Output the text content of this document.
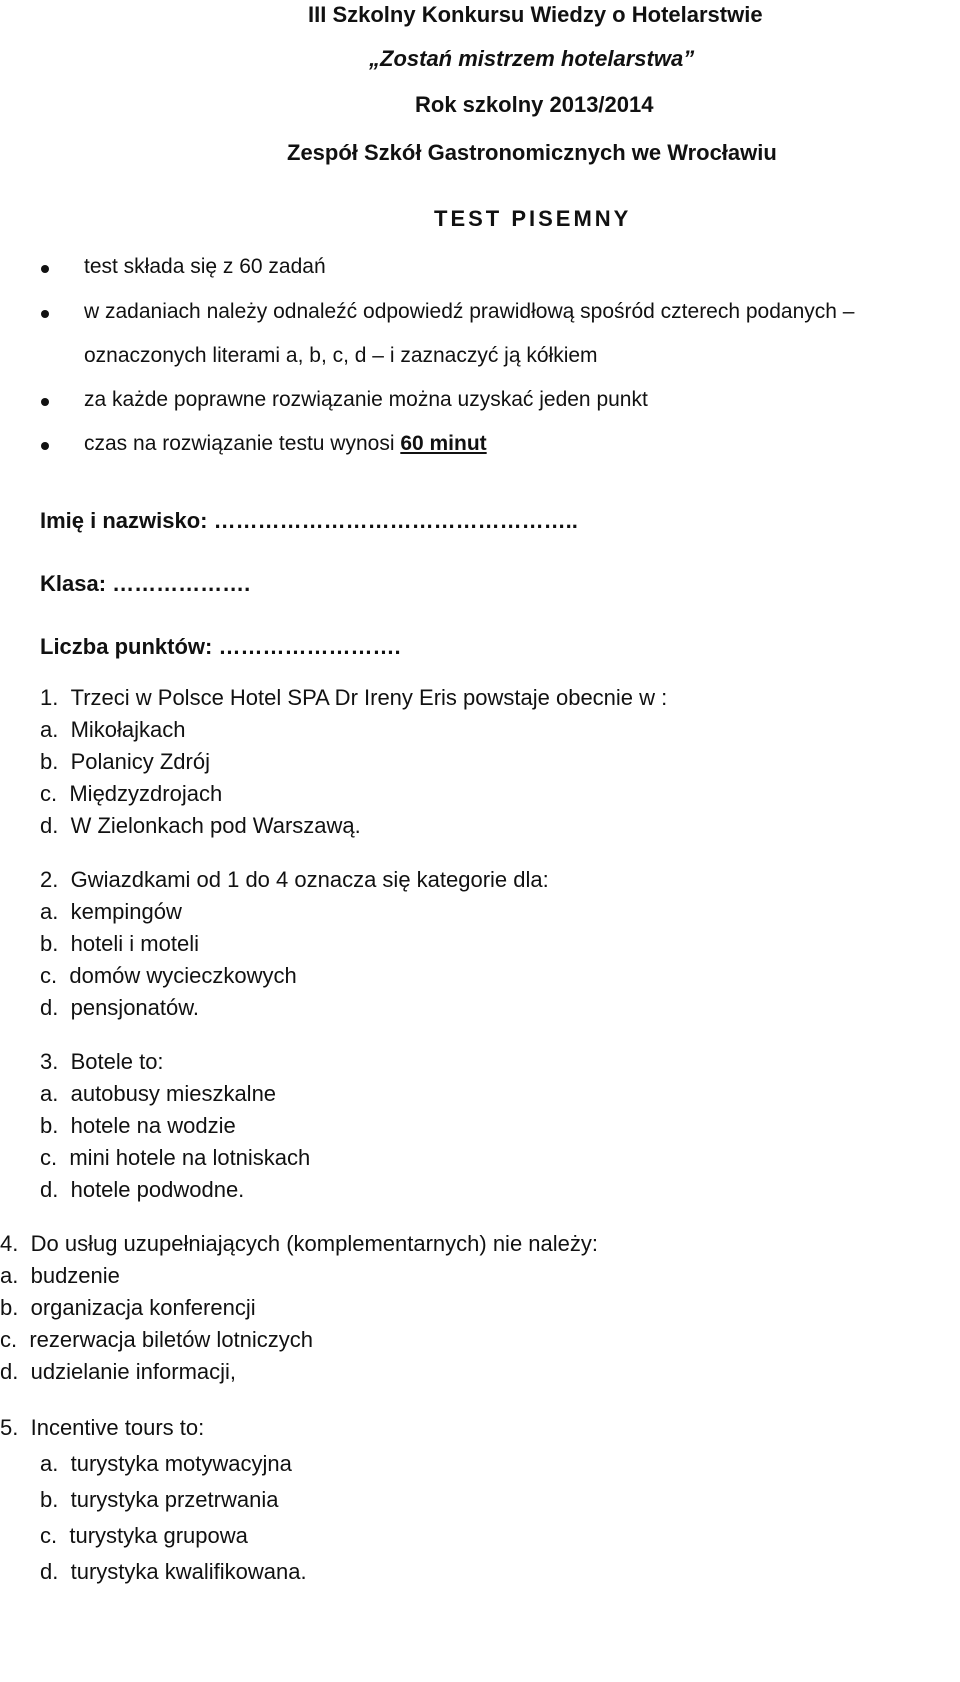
III Szkolny Konkursu Wiedzy o Hotelarstwie
„Zostań mistrzem hotelarstwa”
Rok szkolny 2013/2014
Zespół Szkół Gastronomicznych we Wrocławiu
TEST PISEMNY
test składa się z 60 zadań
w zadaniach należy odnaleźć odpowiedź prawidłową spośród czterech podanych –
oznaczonych literami a, b, c, d – i zaznaczyć ją kółkiem
za każde poprawne rozwiązanie można uzyskać jeden punkt
czas na rozwiązanie testu wynosi 60 minut
Imię i nazwisko: …………………………………………..
Klasa: ……………….
Liczba punktów: …………………….
1. Trzeci w Polsce Hotel SPA Dr Ireny Eris powstaje obecnie w :
a. Mikołajkach
b. Polanicy Zdrój
c. Międzyzdrojach
d. W Zielonkach pod Warszawą.
2. Gwiazdkami od 1 do 4 oznacza się kategorie dla:
a. kempingów
b. hoteli i moteli
c. domów wycieczkowych
d. pensjonatów.
3. Botele to:
a. autobusy mieszkalne
b. hotele na wodzie
c. mini hotele na lotniskach
d. hotele podwodne.
4. Do usług uzupełniających (komplementarnych) nie należy:
a. budzenie
b. organizacja konferencji
c. rezerwacja biletów lotniczych
d. udzielanie informacji,
5. Incentive tours to:
a. turystyka motywacyjna
b. turystyka przetrwania
c. turystyka grupowa
d. turystyka kwalifikowana.
